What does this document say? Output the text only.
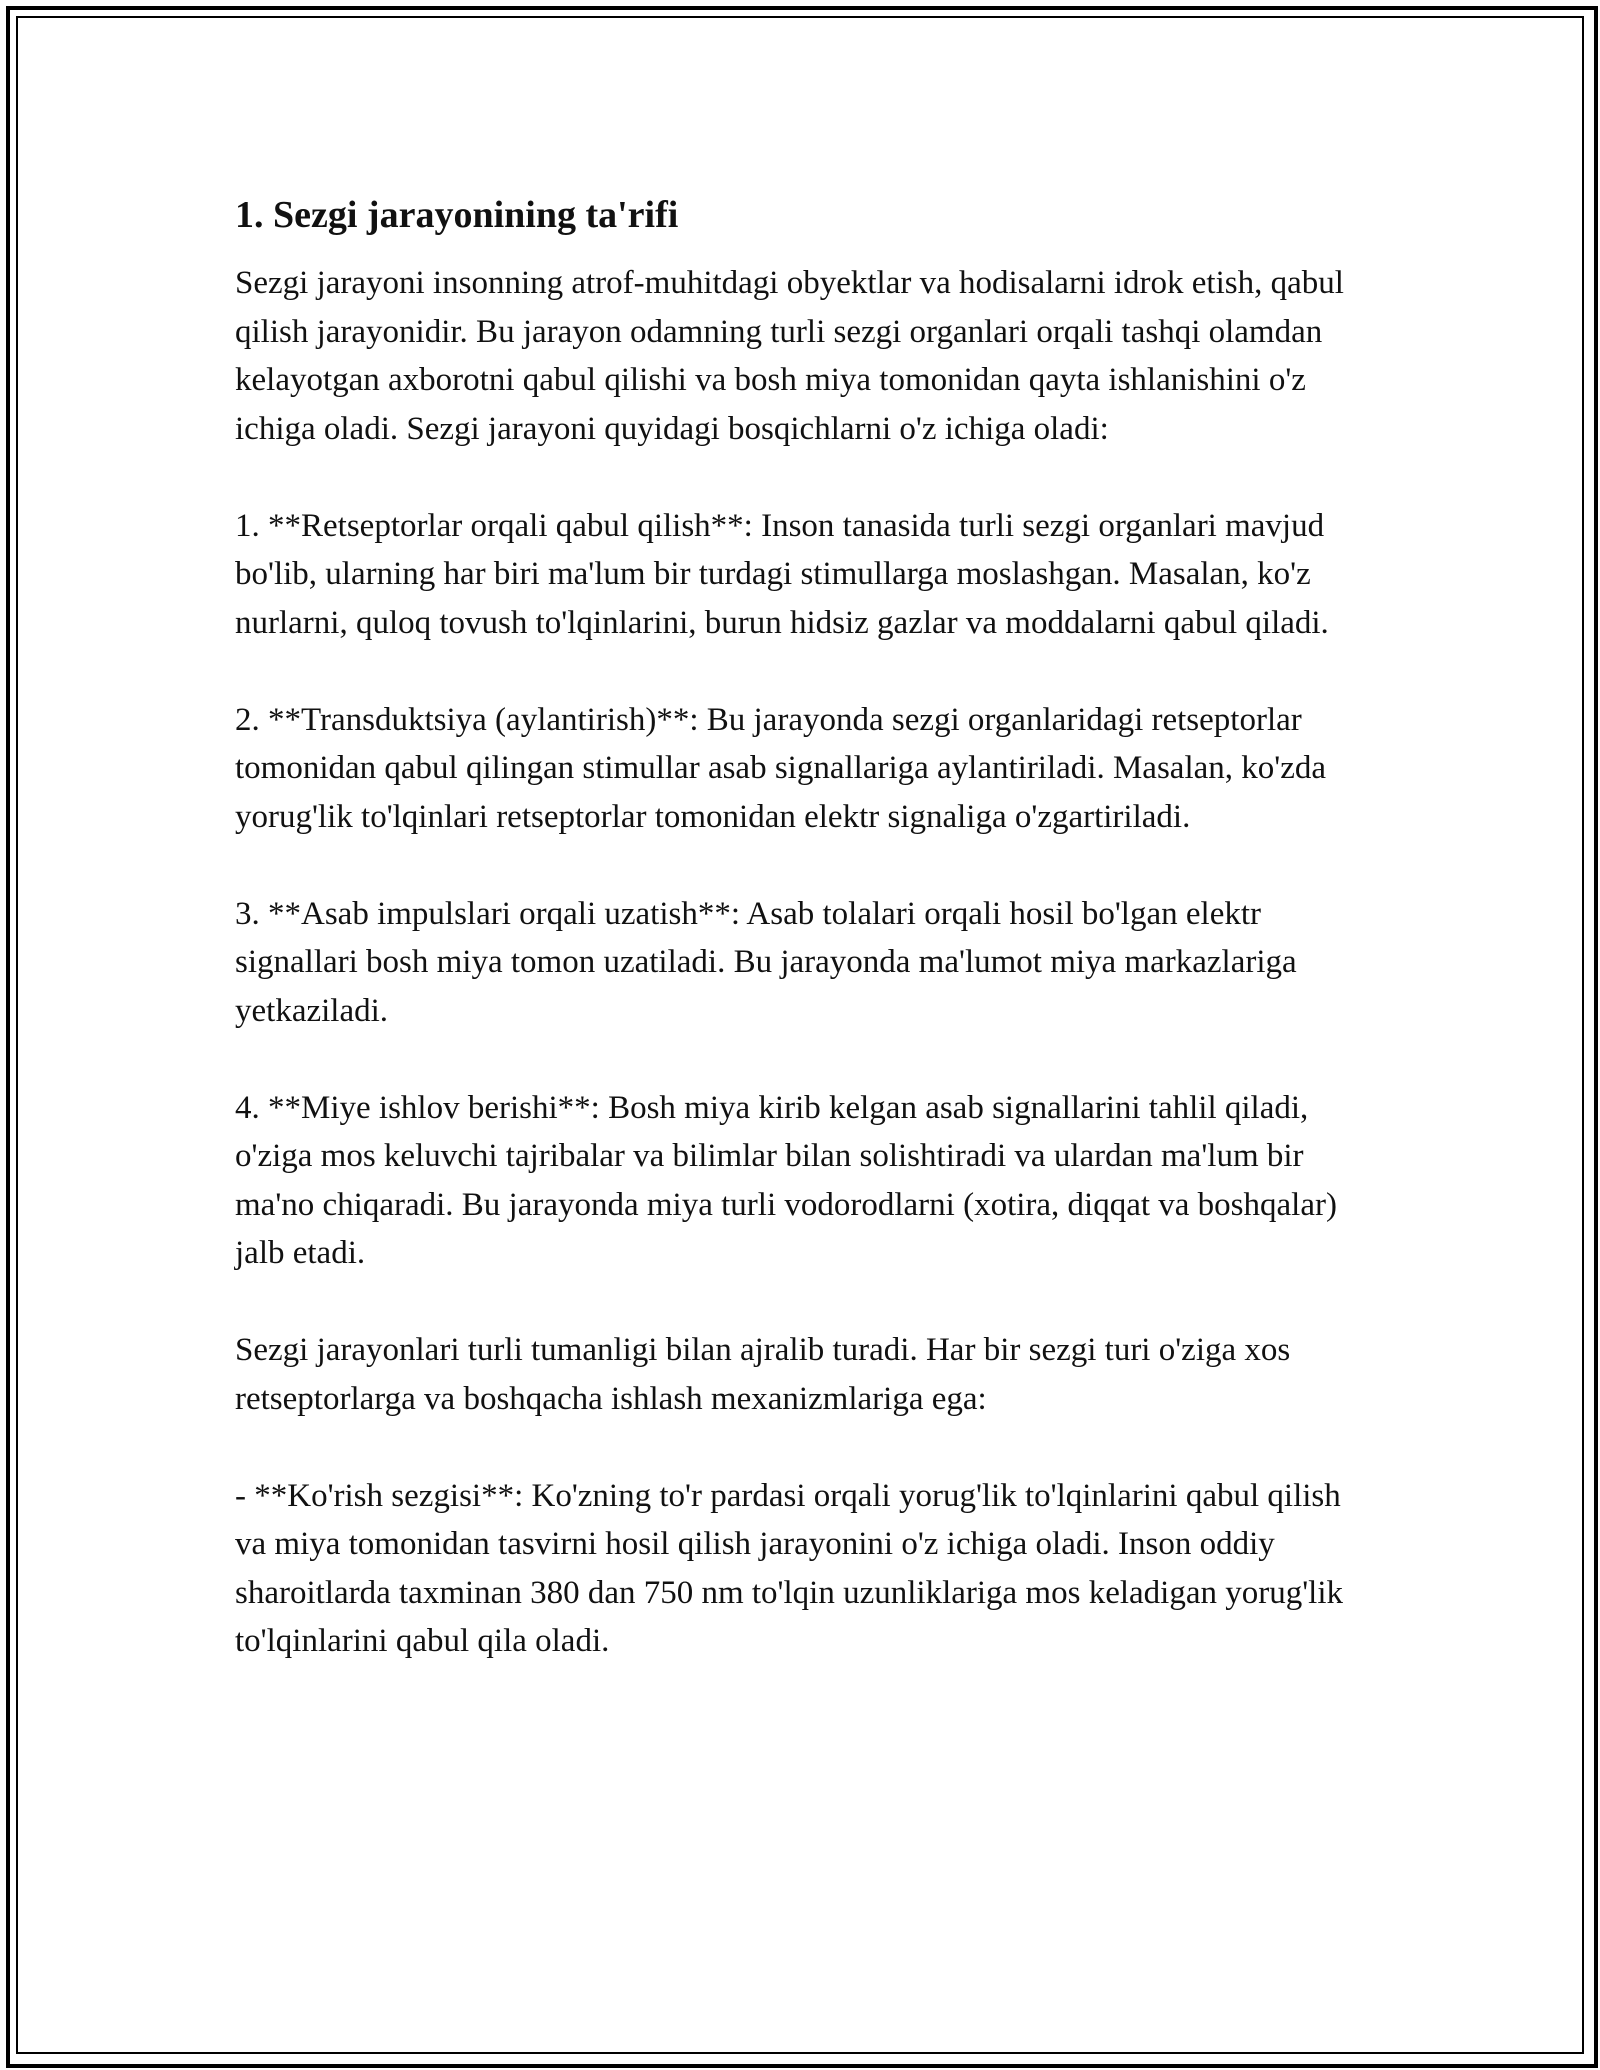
1. Sezgi jarayonining ta'rifi

Sezgi jarayoni insonning atrof-muhitdagi obyektlar va hodisalarni idrok etish, qabul qilish jarayonidir. Bu jarayon odamning turli sezgi organlari orqali tashqi olamdan kelayotgan axborotni qabul qilishi va bosh miya tomonidan qayta ishlanishini o'z ichiga oladi. Sezgi jarayoni quyidagi bosqichlarni o'z ichiga oladi:

1. **Retseptorlar orqali qabul qilish**: Inson tanasida turli sezgi organlari mavjud bo'lib, ularning har biri ma'lum bir turdagi stimullarga moslashgan. Masalan, ko'z nurlarni, quloq tovush to'lqinlarini, burun hidsiz gazlar va moddalarni qabul qiladi.

2. **Transduktsiya (aylantirish)**: Bu jarayonda sezgi organlaridagi retseptorlar tomonidan qabul qilingan stimullar asab signallariga aylantiriladi. Masalan, ko'zda yorug'lik to'lqinlari retseptorlar tomonidan elektr signaliga o'zgartiriladi.

3. **Asab impulslari orqali uzatish**: Asab tolalari orqali hosil bo'lgan elektr signallari bosh miya tomon uzatiladi. Bu jarayonda ma'lumot miya markazlariga yetkaziladi.

4. **Miye ishlov berishi**: Bosh miya kirib kelgan asab signallarini tahlil qiladi, o'ziga mos keluvchi tajribalar va bilimlar bilan solishtiradi va ulardan ma'lum bir ma'no chiqaradi. Bu jarayonda miya turli vodorodlarni (xotira, diqqat va boshqalar) jalb etadi.

Sezgi jarayonlari turli tumanligi bilan ajralib turadi. Har bir sezgi turi o'ziga xos retseptorlarga va boshqacha ishlash mexanizmlariga ega:

- **Ko'rish sezgisi**: Ko'zning to'r pardasi orqali yorug'lik to'lqinlarini qabul qilish va miya tomonidan tasvirni hosil qilish jarayonini o'z ichiga oladi. Inson oddiy sharoitlarda taxminan 380 dan 750 nm to'lqin uzunliklariga mos keladigan yorug'lik to'lqinlarini qabul qila oladi.
